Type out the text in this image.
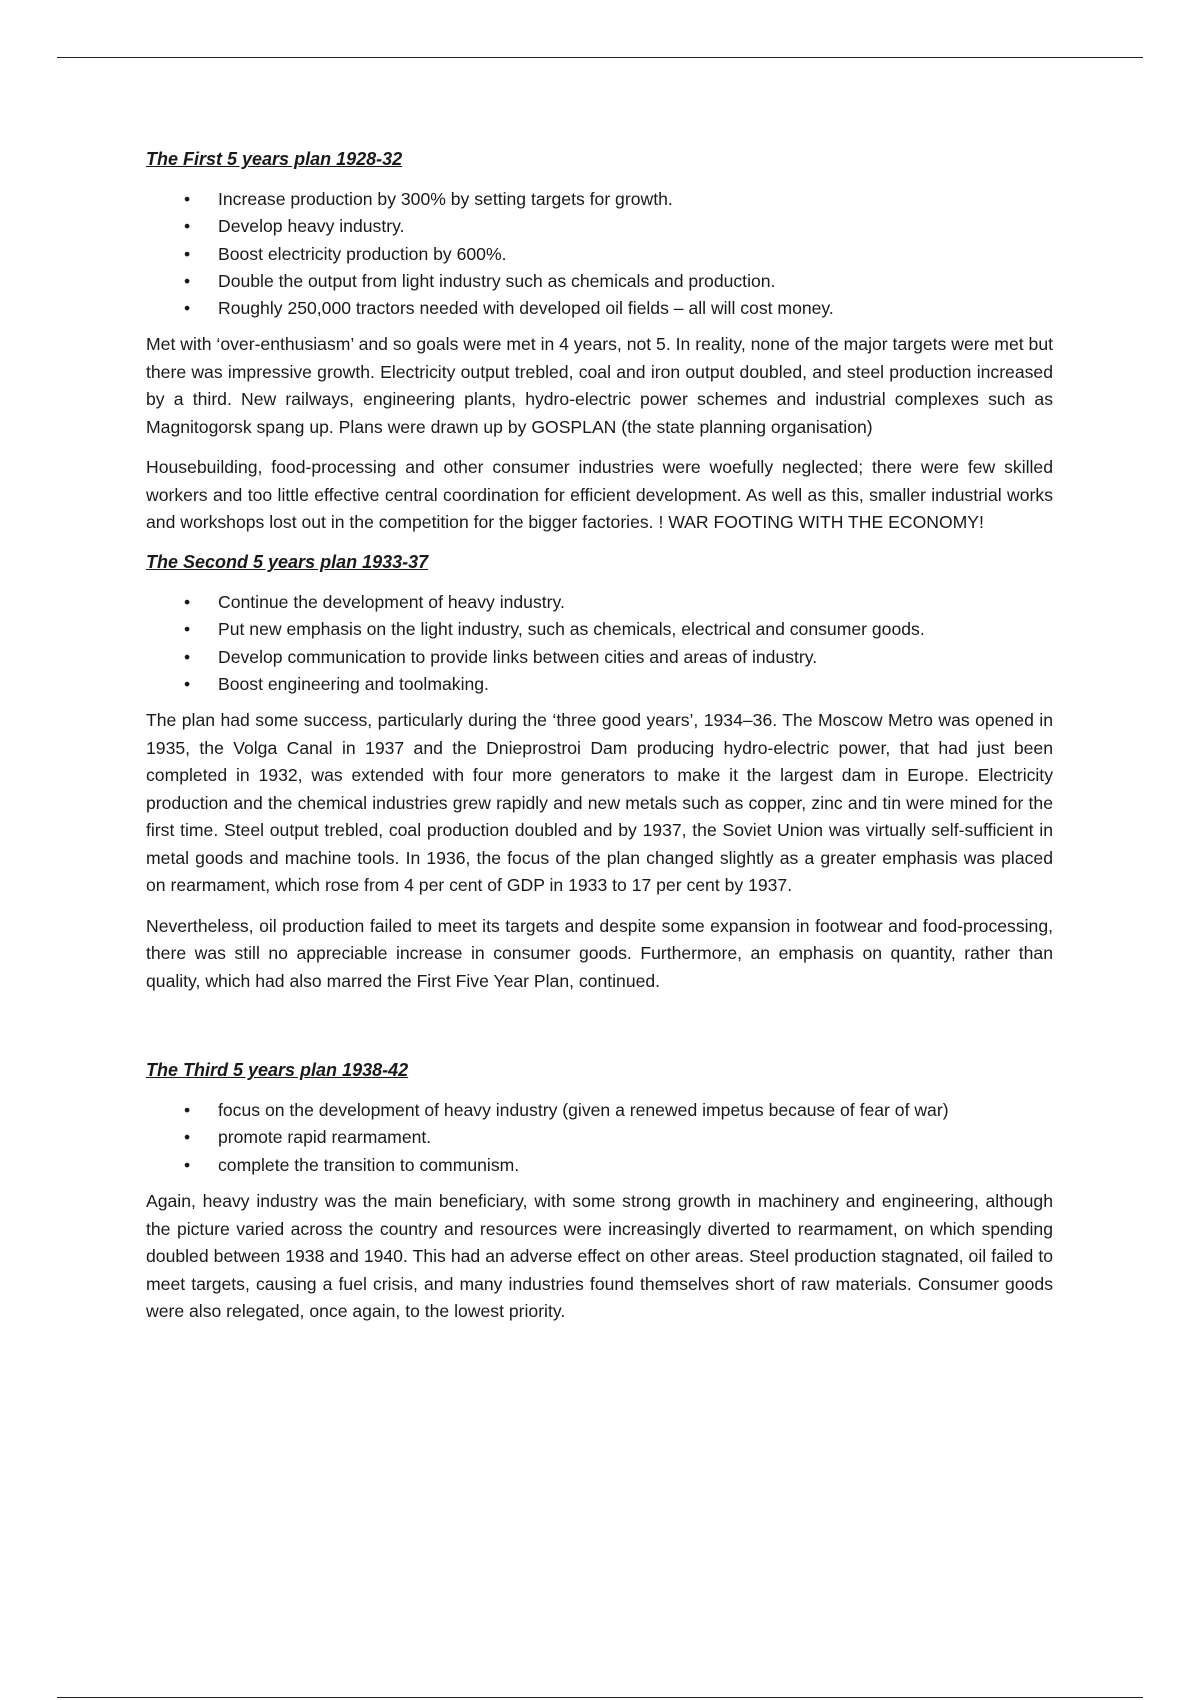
The First 5 years plan 1928-32
• Increase production by 300% by setting targets for growth.
• Develop heavy industry.
• Boost electricity production by 600%.
• Double the output from light industry such as chemicals and production.
• Roughly 250,000 tractors needed with developed oil fields – all will cost money.

Met with ‘over-enthusiasm’ and so goals were met in 4 years, not 5. In reality, none of the major targets were met but there was impressive growth. Electricity output trebled, coal and iron output doubled, and steel production increased by a third. New railways, engineering plants, hydro-electric power schemes and industrial complexes such as Magnitogorsk spang up. Plans were drawn up by GOSPLAN (the state planning organisation)

Housebuilding, food-processing and other consumer industries were woefully neglected; there were few skilled workers and too little effective central coordination for efficient development. As well as this, smaller industrial works and workshops lost out in the competition for the bigger factories. ! WAR FOOTING WITH THE ECONOMY!

The Second 5 years plan 1933-37
• Continue the development of heavy industry.
• Put new emphasis on the light industry, such as chemicals, electrical and consumer goods.
• Develop communication to provide links between cities and areas of industry.
• Boost engineering and toolmaking.

The plan had some success, particularly during the ‘three good years’, 1934–36. The Moscow Metro was opened in 1935, the Volga Canal in 1937 and the Dnieprostroi Dam producing hydro-electric power, that had just been completed in 1932, was extended with four more generators to make it the largest dam in Europe. Electricity production and the chemical industries grew rapidly and new metals such as copper, zinc and tin were mined for the first time. Steel output trebled, coal production doubled and by 1937, the Soviet Union was virtually self-sufficient in metal goods and machine tools. In 1936, the focus of the plan changed slightly as a greater emphasis was placed on rearmament, which rose from 4 per cent of GDP in 1933 to 17 per cent by 1937.

Nevertheless, oil production failed to meet its targets and despite some expansion in footwear and food-processing, there was still no appreciable increase in consumer goods. Furthermore, an emphasis on quantity, rather than quality, which had also marred the First Five Year Plan, continued.

The Third 5 years plan 1938-42
• focus on the development of heavy industry (given a renewed impetus because of fear of war)
• promote rapid rearmament.
• complete the transition to communism.

Again, heavy industry was the main beneficiary, with some strong growth in machinery and engineering, although the picture varied across the country and resources were increasingly diverted to rearmament, on which spending doubled between 1938 and 1940. This had an adverse effect on other areas. Steel production stagnated, oil failed to meet targets, causing a fuel crisis, and many industries found themselves short of raw materials. Consumer goods were also relegated, once again, to the lowest priority.
